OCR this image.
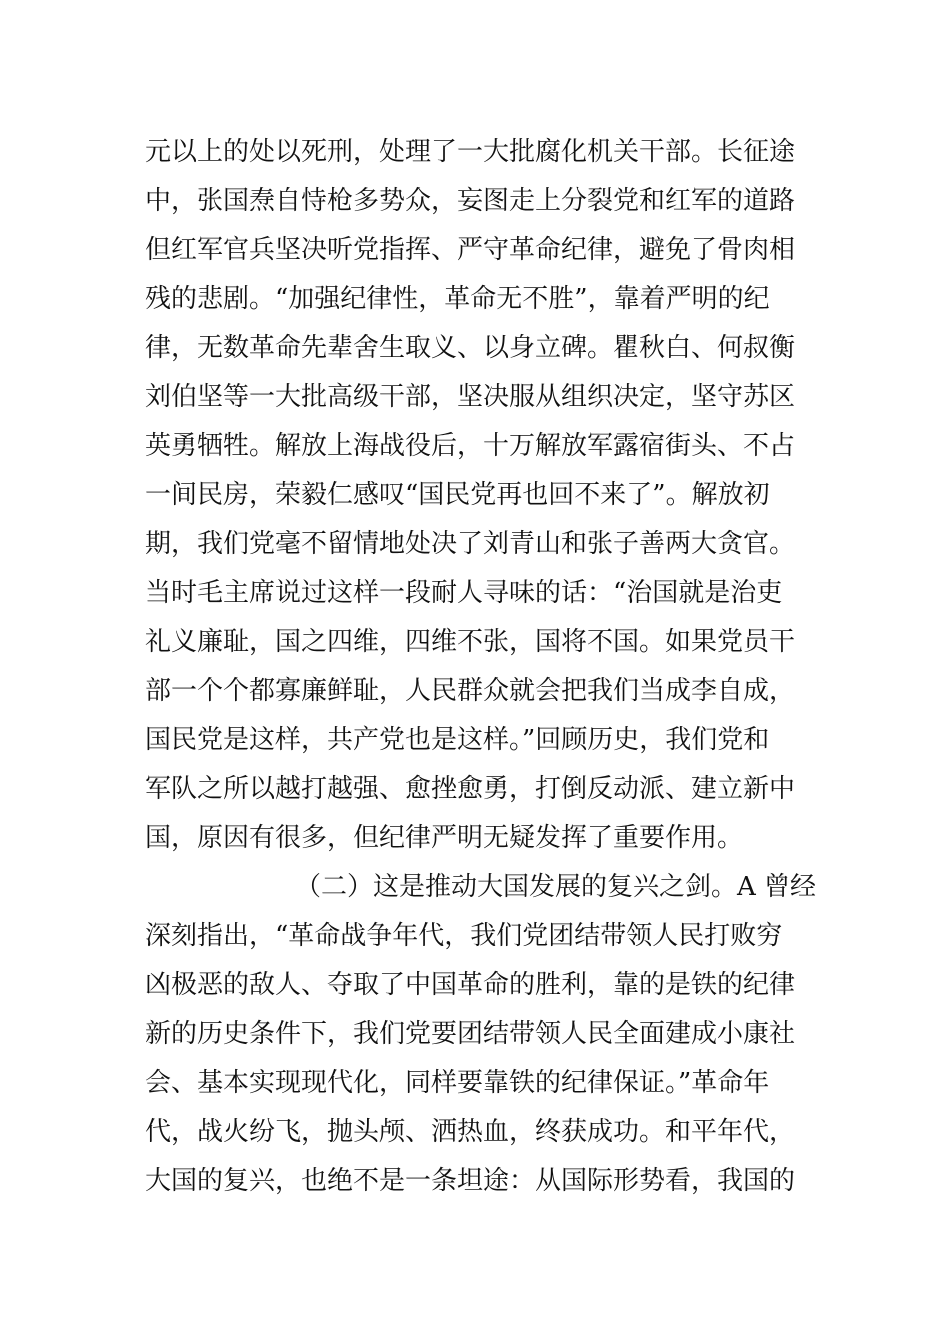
元以上的处以死刑，处理了一大批腐化机关干部。长征途
中，张国焘自恃枪多势众，妄图走上分裂党和红军的道路
但红军官兵坚决听党指挥、严守革命纪律，避免了骨肉相
残的悲剧。“加强纪律性，革命无不胜”，靠着严明的纪
律，无数革命先辈舍生取义、以身立碑。瞿秋白、何叔衡
刘伯坚等一大批高级干部，坚决服从组织决定，坚守苏区
英勇牺牲。解放上海战役后，十万解放军露宿街头、不占
一间民房，荣毅仁感叹“国民党再也回不来了”。解放初
期，我们党毫不留情地处决了刘青山和张子善两大贪官。
当时毛主席说过这样一段耐人寻味的话：“治国就是治吏
礼义廉耻，国之四维，四维不张，国将不国。如果党员干
部一个个都寡廉鲜耻，人民群众就会把我们当成李自成，
国民党是这样，共产党也是这样。”回顾历史，我们党和
军队之所以越打越强、愈挫愈勇，打倒反动派、建立新中
国，原因有很多，但纪律严明无疑发挥了重要作用。
（二）这是推动大国发展的复兴之剑。A 曾经
深刻指出，“革命战争年代，我们党团结带领人民打败穷
凶极恶的敌人、夺取了中国革命的胜利，靠的是铁的纪律
新的历史条件下，我们党要团结带领人民全面建成小康社
会、基本实现现代化，同样要靠铁的纪律保证。”革命年
代，战火纷飞，抛头颅、洒热血，终获成功。和平年代，
大国的复兴，也绝不是一条坦途：从国际形势看，我国的
